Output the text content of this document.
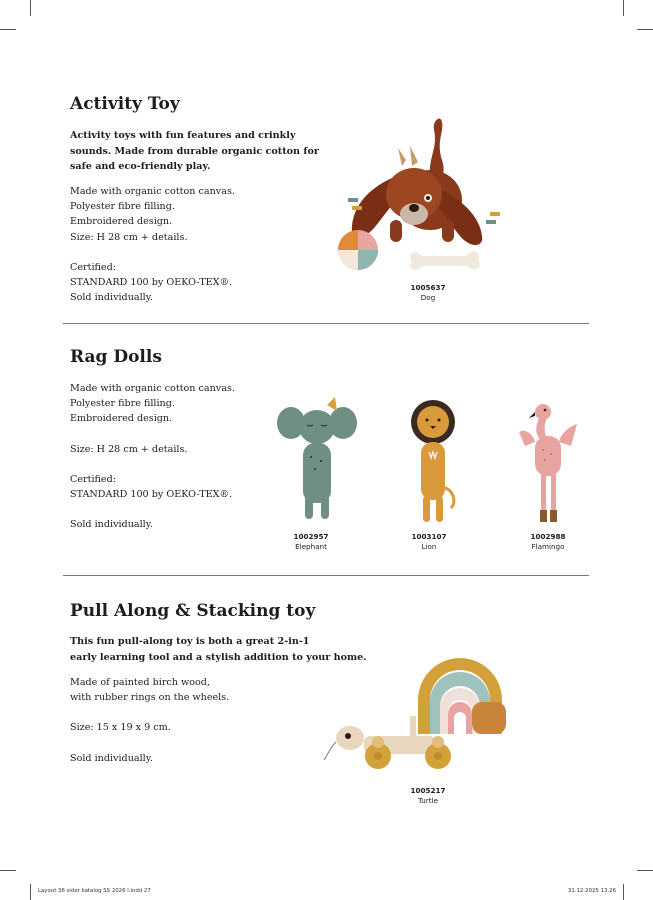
Activity Toy
Activity toys with fun features and crinkly
sounds. Made from durable organic cotton for
safe and eco-friendly play.

Made with organic cotton canvas.

Polyester fibre filling.

Embroidered design.

Size: H 28 cm + details.

Certified:

STANDARD 100 by OEKO-TEX®.

Sold individually.

1005637
Dog
Rag Dolls

Made with organic cotton canvas.

Polyester fibre filling.

Embroidered design.

Size: H 28 cm + details.

Certified:

STANDARD 100 by OEKO-TEX®.

Sold individually.

1002957
Elephant
1003107
Lion
1002988
Flamingo
Pull Along & Stacking toy
This fun pull-along toy is both a great 2-in-1
early learning tool and a stylish addition to your home.

Made of painted birch wood,

with rubber rings on the wheels.

Size: 15 x 19 x 9 cm.

Sold individually.

1005217
Turtle
Layout 36 sider katalog SS 2026 l.indd 27	31.12.2025 13.26
